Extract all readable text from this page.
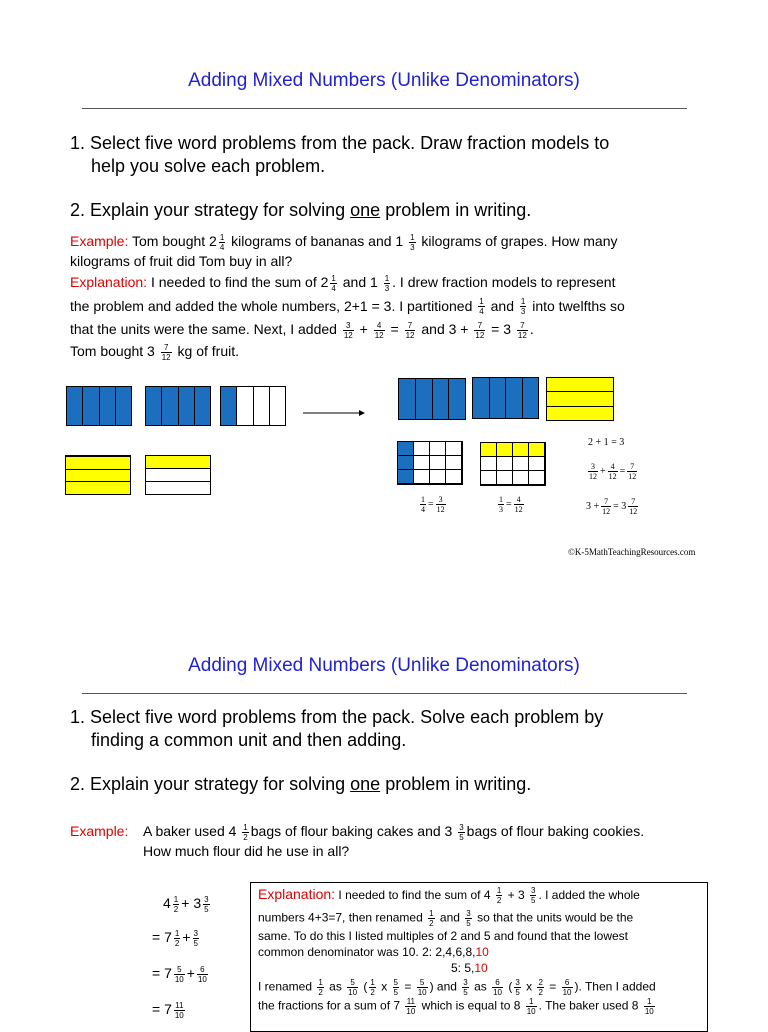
Adding Mixed Numbers (Unlike Denominators)
1. Select five word problems from the pack. Draw fraction models to
help you solve each problem.
2. Explain your strategy for solving one problem in writing.
Example: Tom bought $2 \frac{1}{4}$ kilograms of bananas and $1 \frac{1}{3}$ kilograms of grapes. How many
kilograms of fruit did Tom buy in all?
Explanation: I needed to find the sum of $2 \frac{1}{4}$ and $1 \frac{1}{3}$ . I drew fraction models to represent
the problem and added the whole numbers, 2+1 = 3. I partitioned $\frac{1}{4}$ and $\frac{1}{3}$ into twelfths so
that the units were the same. Next, I added $\frac{3}{12} + \frac{4}{12} = \frac{7}{12}$ and $3 + \frac{7}{12} = 3 \frac{7}{12}$ .
Tom bought $3 \frac{7}{12}$ kg of fruit.
$\frac{1}{4} = \frac{3}{12}$	$\frac{1}{3} = \frac{4}{12}$
2 + 1 = 3
$\frac{3}{12} + \frac{4}{12} = \frac{7}{12}$
$3 + \frac{7}{12} = 3 \frac{7}{12}$
©K-5MathTeachingResources.com
Adding Mixed Numbers (Unlike Denominators)
1. Select five word problems from the pack. Solve each problem by
finding a common unit and then adding.
2. Explain your strategy for solving one problem in writing.
Example: A baker used $4 \frac{1}{2}$ bags of flour baking cakes and $3 \frac{3}{5}$ bags of flour baking cookies.
How much flour did he use in all?
$4 \frac{1}{2} + 3 \frac{3}{5}$
= $7 \frac{1}{2} + \frac{3}{5}$
= $7 \frac{5}{10} + \frac{6}{10}$
= $7 \frac{11}{10}$
Explanation: I needed to find the sum of $4 \frac{1}{2} + 3 \frac{3}{5}$ . I added the whole
numbers 4+3=7, then renamed $\frac{1}{2}$ and $\frac{3}{5}$ so that the units would be the
same. To do this I listed multiples of 2 and 5 and found that the lowest
common denominator was 10. 2: 2,4,6,8,10
5: 5,10
I renamed $\frac{1}{2}$ as $\frac{5}{10}$ ( $\frac{1}{2}$ x $\frac{5}{5} = \frac{5}{10}$ ) and $\frac{3}{5}$ as $\frac{6}{10}$ ( $\frac{3}{5}$ x $\frac{2}{2} = \frac{6}{10}$ ). Then I added
the fractions for a sum of $7 \frac{11}{10}$ which is equal to $8 \frac{1}{10}$ . The baker used $8 \frac{1}{10}$
